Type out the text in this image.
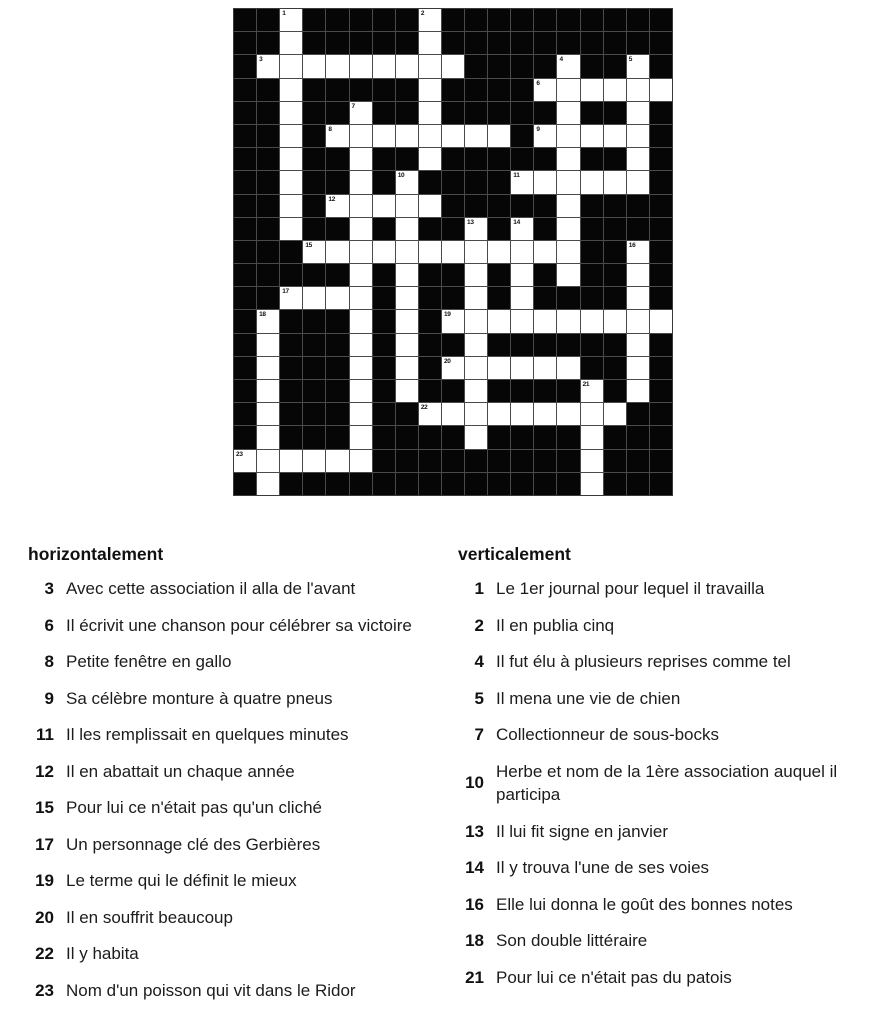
1	2
3	4	5
6
7
8	9
10	11
12
13	14
15	16
17
18	19
20
21
22
23
horizontalement
3 Avec cette association il alla de l'avant
6 Il écrivit une chanson pour célébrer sa victoire
8 Petite fenêtre en gallo
9 Sa célèbre monture à quatre pneus
11 Il les remplissait en quelques minutes
12 Il en abattait un chaque année
15 Pour lui ce n'était pas qu'un cliché
17 Un personnage clé des Gerbières
19 Le terme qui le définit le mieux
20 Il en souffrit beaucoup
22 Il y habita
23 Nom d'un poisson qui vit dans le Ridor
verticalement
1 Le 1er journal pour lequel il travailla
2 Il en publia cinq
4 Il fut élu à plusieurs reprises comme tel
5 Il mena une vie de chien
7 Collectionneur de sous-bocks
10
Herbe et nom de la 1ère association auquel il participa
13 Il lui fit signe en janvier
14 Il y trouva l'une de ses voies
16 Elle lui donna le goût des bonnes notes
18 Son double littéraire
21 Pour lui ce n'était pas du patois
